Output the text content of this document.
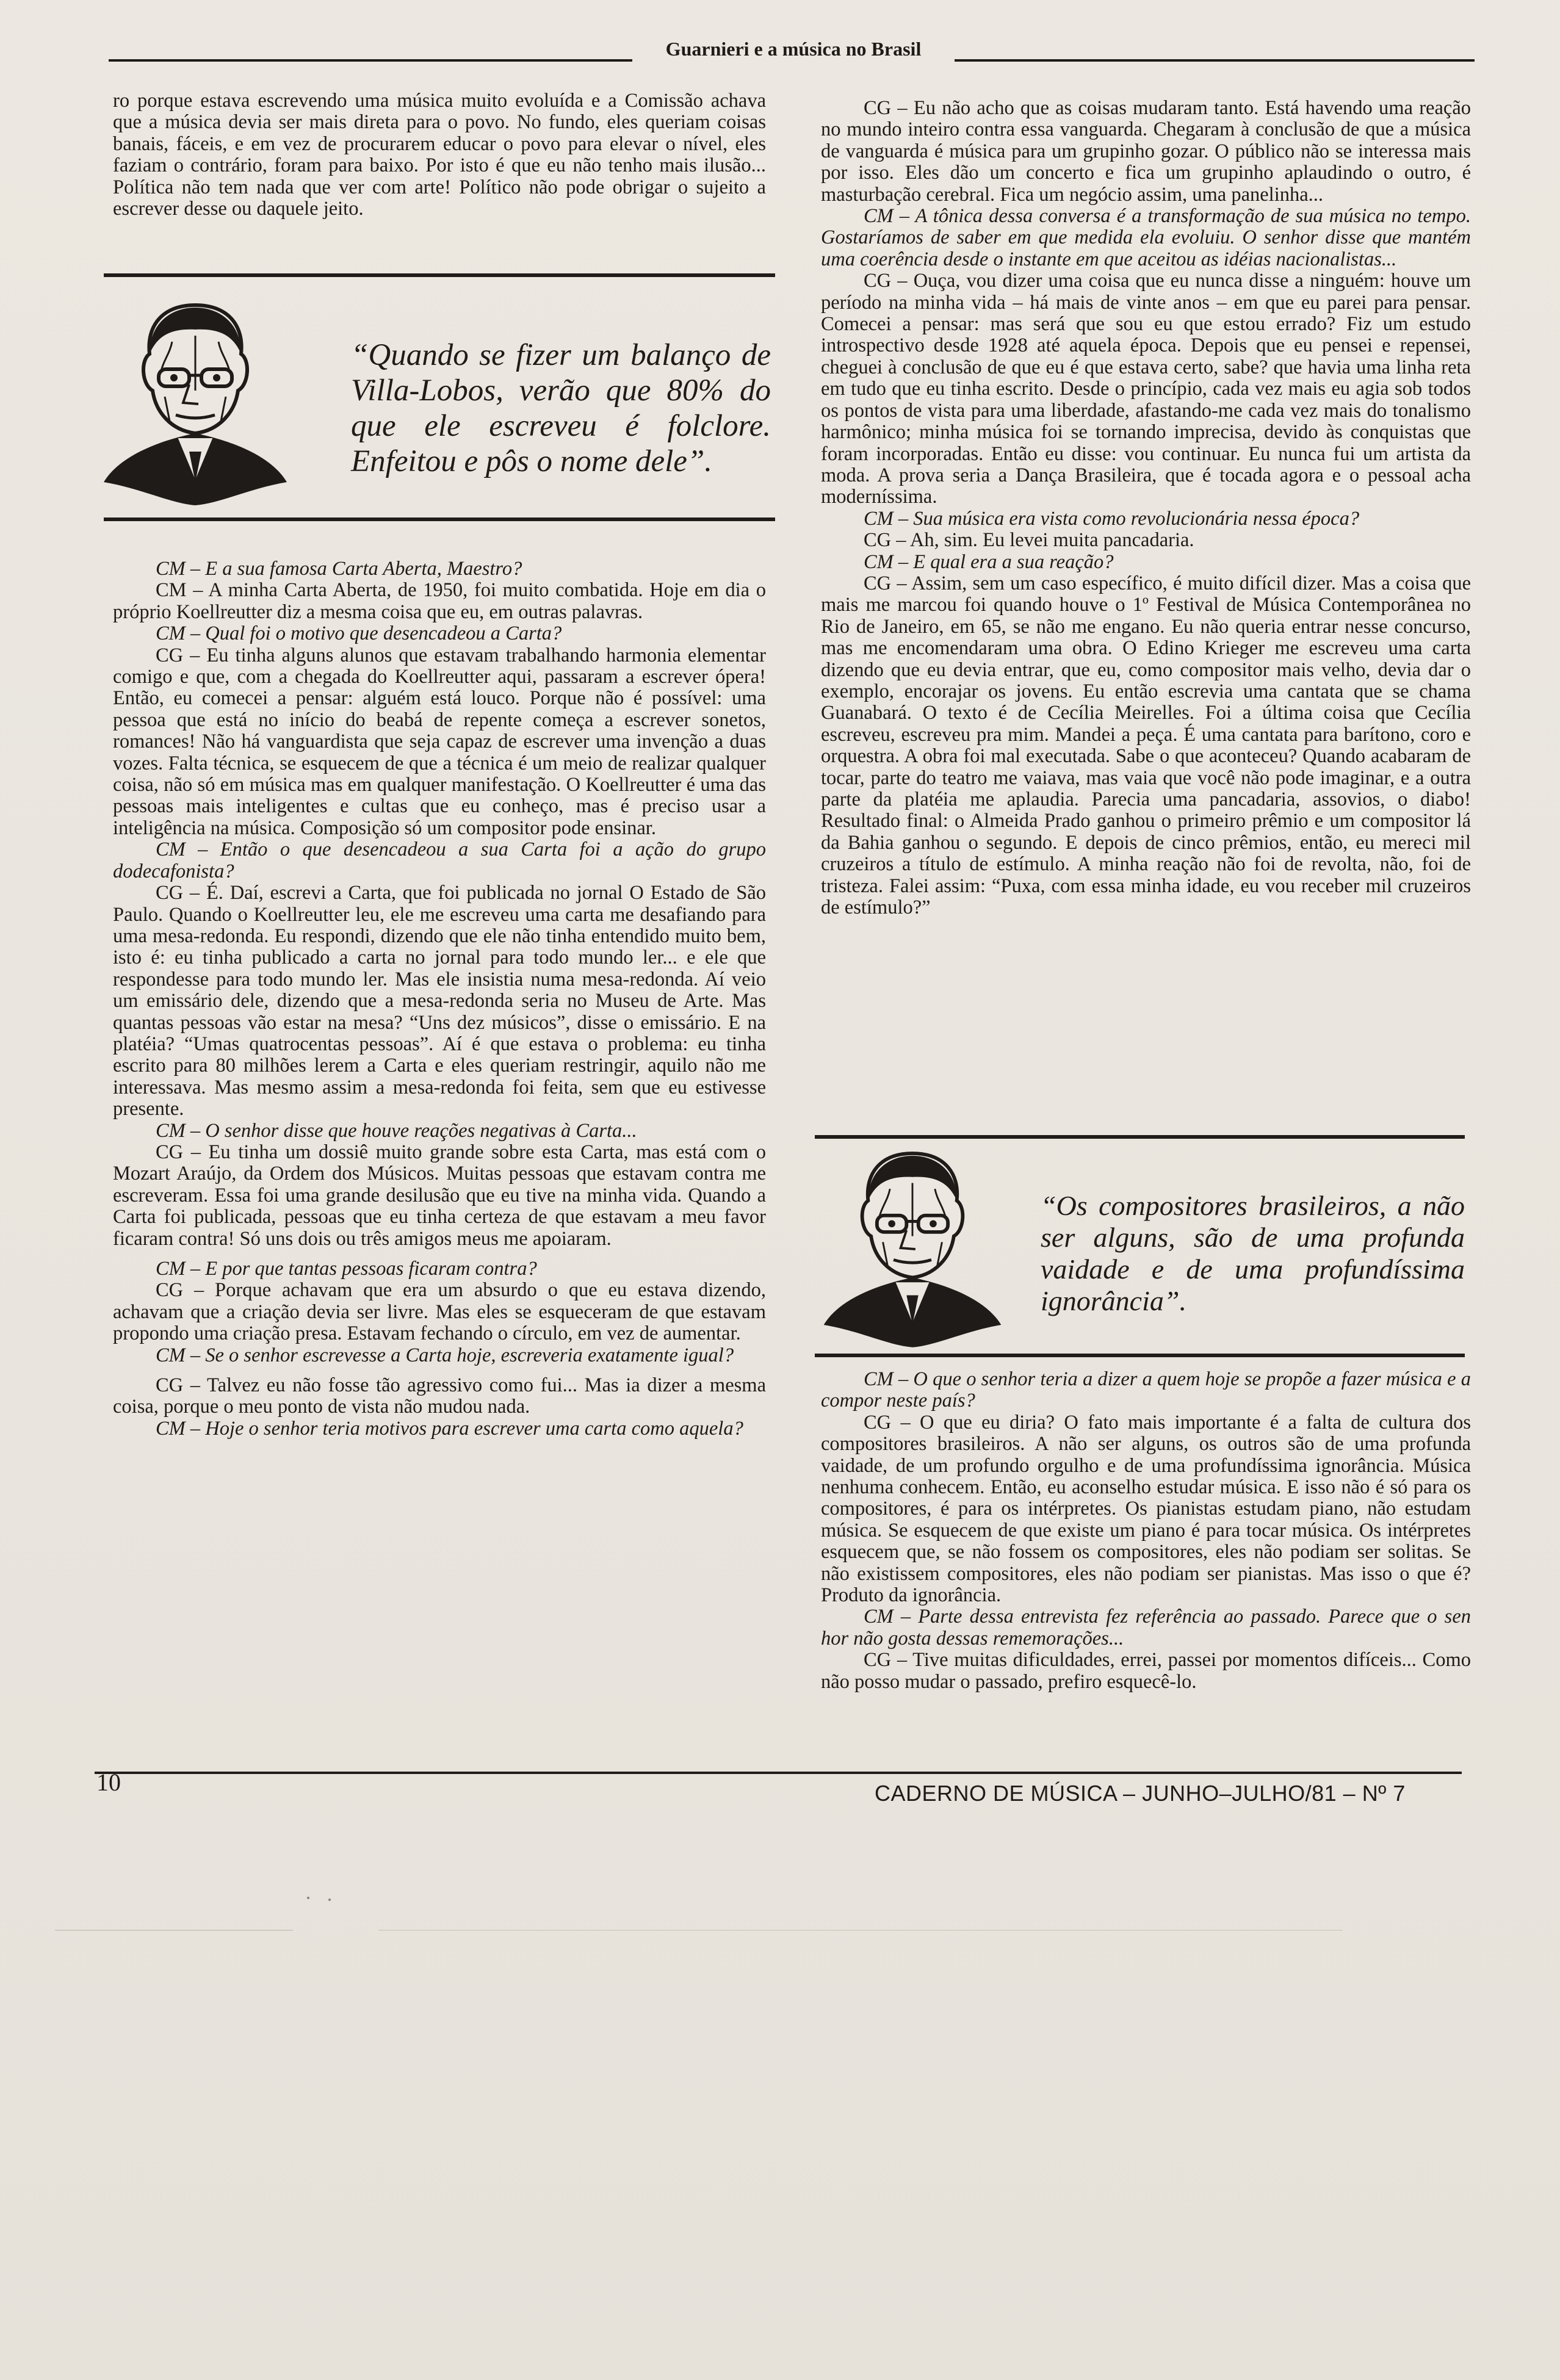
Guarnieri e a música no Brasil

ro porque estava escrevendo uma música muito evoluída e a Comissão achava que a música devia ser mais direta para o povo. No fundo, eles queriam coisas banais, fáceis, e em vez de procurarem educar o povo para elevar o nível, eles faziam o contrário, foram para baixo. Por isto é que eu não tenho mais ilusão... Política não tem nada que ver com arte! Político não pode obrigar o sujeito a escrever desse ou daquele jeito.

“Quando se fizer um balanço de Villa-Lobos, verão que 80% do que ele escreveu é folclore. Enfeitou e pôs o nome dele”.

CM – E a sua famosa Carta Aberta, Maestro?

CM – A minha Carta Aberta, de 1950, foi muito combatida. Hoje em dia o próprio Koellreutter diz a mesma coisa que eu, em outras palavras.

CM – Qual foi o motivo que desencadeou a Carta?

CG – Eu tinha alguns alunos que estavam trabalhando harmonia elementar comigo e que, com a chegada do Koellreutter aqui, passaram a escrever ópera! Então, eu comecei a pensar: alguém está louco. Porque não é possível: uma pessoa que está no início do beabá de repente começa a escrever sonetos, romances! Não há vanguardista que seja capaz de escrever uma invenção a duas vozes. Falta técnica, se esquecem de que a técnica é um meio de realizar qualquer coisa, não só em música mas em qualquer manifestação. O Koellreutter é uma das pessoas mais inteligentes e cultas que eu conheço, mas é preciso usar a inteligência na música. Composição só um compositor pode ensinar.

CM – Então o que desencadeou a sua Carta foi a ação do grupo dodecafonista?

CG – É. Daí, escrevi a Carta, que foi publicada no jornal O Estado de São Paulo. Quando o Koellreutter leu, ele me escreveu uma carta me desafiando para uma mesa-redonda. Eu respondi, dizendo que ele não tinha entendido muito bem, isto é: eu tinha publicado a carta no jornal para todo mundo ler... e ele que respondesse para todo mundo ler. Mas ele insistia numa mesa-redonda. Aí veio um emissário dele, dizendo que a mesa-redonda seria no Museu de Arte. Mas quantas pessoas vão estar na mesa? “Uns dez músicos”, disse o emissário. E na platéia? “Umas quatrocentas pessoas”. Aí é que estava o problema: eu tinha escrito para 80 milhões lerem a Carta e eles queriam restringir, aquilo não me interessava. Mas mesmo assim a mesa-redonda foi feita, sem que eu estivesse presente.

CM – O senhor disse que houve reações negativas à Carta...

CG – Eu tinha um dossiê muito grande sobre esta Carta, mas está com o Mozart Araújo, da Ordem dos Músicos. Muitas pessoas que estavam contra me escreveram. Essa foi uma grande desilusão que eu tive na minha vida. Quando a Carta foi publicada, pessoas que eu tinha certeza de que estavam a meu favor ficaram contra! Só uns dois ou três amigos meus me apoiaram.

CM – E por que tantas pessoas ficaram contra?

CG – Porque achavam que era um absurdo o que eu estava dizendo, achavam que a criação devia ser livre. Mas eles se esqueceram de que estavam propondo uma criação presa. Estavam fechando o círculo, em vez de aumentar.

CM – Se o senhor escrevesse a Carta hoje, escreveria exatamente igual?

CG – Talvez eu não fosse tão agressivo como fui... Mas ia dizer a mesma coisa, porque o meu ponto de vista não mudou nada.

CM – Hoje o senhor teria motivos para escrever uma carta como aquela?

CG – Eu não acho que as coisas mudaram tanto. Está havendo uma reação no mundo inteiro contra essa vanguarda. Chegaram à conclusão de que a música de vanguarda é música para um grupinho gozar. O público não se interessa mais por isso. Eles dão um concerto e fica um grupinho aplaudindo o outro, é masturbação cerebral. Fica um negócio assim, uma panelinha...

CM – A tônica dessa conversa é a transformação de sua música no tempo. Gostaríamos de saber em que medida ela evoluiu. O senhor disse que mantém uma coerência desde o instante em que aceitou as idéias nacionalistas...

CG – Ouça, vou dizer uma coisa que eu nunca disse a ninguém: houve um período na minha vida – há mais de vinte anos – em que eu parei para pensar. Comecei a pensar: mas será que sou eu que estou errado? Fiz um estudo introspectivo desde 1928 até aquela época. Depois que eu pensei e repensei, cheguei à conclusão de que eu é que estava certo, sabe? que havia uma linha reta em tudo que eu tinha escrito. Desde o princípio, cada vez mais eu agia sob todos os pontos de vista para uma liberdade, afastando-me cada vez mais do tonalismo harmônico; minha música foi se tornando imprecisa, devido às conquistas que foram incorporadas. Então eu disse: vou continuar. Eu nunca fui um artista da moda. A prova seria a Dança Brasileira, que é tocada agora e o pessoal acha moderníssima.

CM – Sua música era vista como revolucionária nessa época?

CG – Ah, sim. Eu levei muita pancadaria.

CM – E qual era a sua reação?

CG – Assim, sem um caso específico, é muito difícil dizer. Mas a coisa que mais me marcou foi quando houve o 1º Festival de Música Contemporânea no Rio de Janeiro, em 65, se não me engano. Eu não queria entrar nesse concurso, mas me encomendaram uma obra. O Edino Krieger me escreveu uma carta dizendo que eu devia entrar, que eu, como compositor mais velho, devia dar o exemplo, encorajar os jovens. Eu então escrevia uma cantata que se chama Guanabará. O texto é de Cecília Meirelles. Foi a última coisa que Cecília escreveu, escreveu pra mim. Mandei a peça. É uma cantata para barítono, coro e orquestra. A obra foi mal executada. Sabe o que aconteceu? Quando acabaram de tocar, parte do teatro me vaiava, mas vaia que você não pode imaginar, e a outra parte da platéia me aplaudia. Parecia uma pancadaria, assovios, o diabo! Resultado final: o Almeida Prado ganhou o primeiro prêmio e um compositor lá da Bahia ganhou o segundo. E depois de cinco prêmios, então, eu mereci mil cruzeiros a título de estímulo. A minha reação não foi de revolta, não, foi de tristeza. Falei assim: “Puxa, com essa minha idade, eu vou receber mil cruzeiros de estímulo?”

“Os compositores brasileiros, a não ser alguns, são de uma profunda vaidade e de uma profundíssima ignorância”.

CM – O que o senhor teria a dizer a quem hoje se propõe a fazer música e a compor neste país?

CG – O que eu diria? O fato mais importante é a falta de cultura dos compositores brasileiros. A não ser alguns, os outros são de uma profunda vaidade, de um profundo orgulho e de uma profundíssima ignorância. Música nenhuma conhecem. Então, eu aconselho estudar música. E isso não é só para os compositores, é para os intérpretes. Os pianistas estudam piano, não estudam música. Se esquecem de que existe um piano é para tocar música. Os intérpretes esquecem que, se não fossem os compositores, eles não podiam ser solitas. Se não existissem compositores, eles não podiam ser pianistas. Mas isso o que é? Produto da ignorância.

CM – Parte dessa entrevista fez referência ao passado. Parece que o sen hor não gosta dessas rememorações...

CG – Tive muitas dificuldades, errei, passei por momentos difíceis... Como não posso mudar o passado, prefiro esquecê-lo.

10	CADERNO DE MÚSICA – JUNHO–JULHO/81 – Nº 7
